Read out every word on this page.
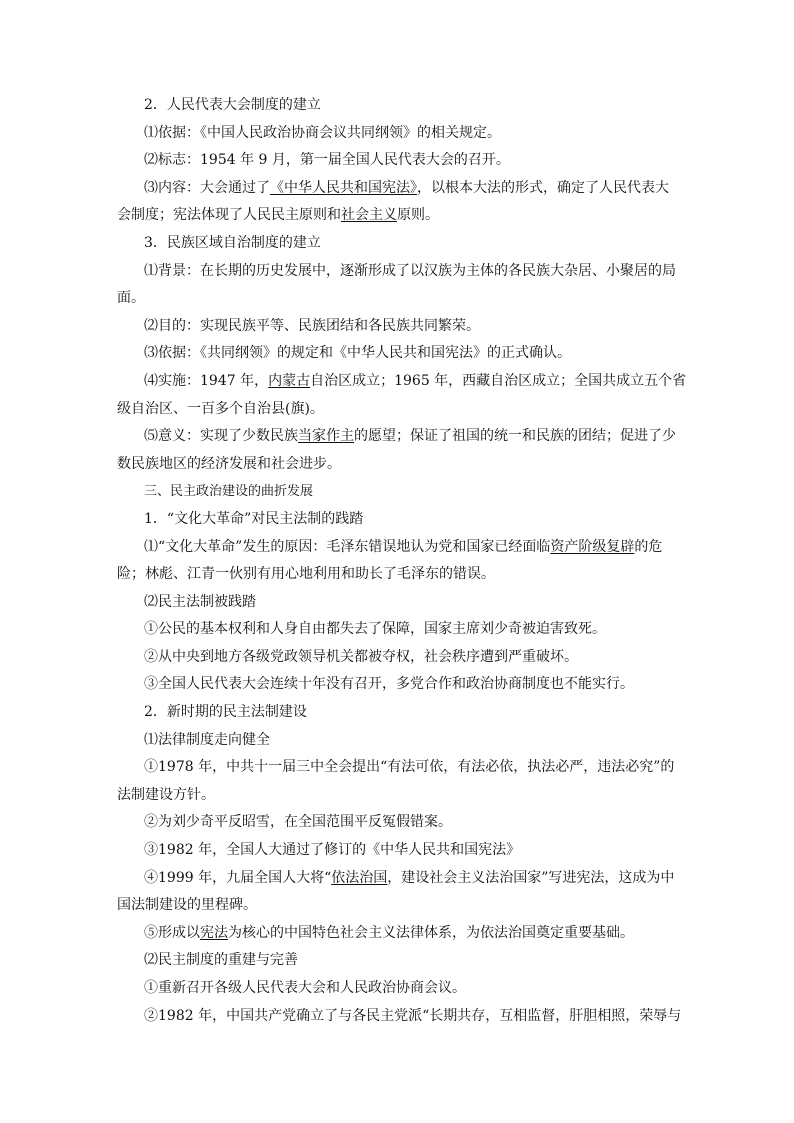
2．人民代表大会制度的建立
⑴依据：《中国人民政治协商会议共同纲领》的相关规定。
⑵标志：1954 年 9 月，第一届全国人民代表大会的召开。
⑶内容：大会通过了《中华人民共和国宪法》，以根本大法的形式，确定了人民代表大
会制度；宪法体现了人民民主原则和社会主义原则。
3．民族区域自治制度的建立
⑴背景：在长期的历史发展中，逐渐形成了以汉族为主体的各民族大杂居、小聚居的局
面。
⑵目的：实现民族平等、民族团结和各民族共同繁荣。
⑶依据：《共同纲领》的规定和《中华人民共和国宪法》的正式确认。
⑷实施：1947 年，内蒙古自治区成立；1965 年，西藏自治区成立；全国共成立五个省
级自治区、一百多个自治县(旗)。
⑸意义：实现了少数民族当家作主的愿望；保证了祖国的统一和民族的团结；促进了少
数民族地区的经济发展和社会进步。
三、民主政治建设的曲折发展
1．“文化大革命”对民主法制的践踏
⑴“文化大革命”发生的原因：毛泽东错误地认为党和国家已经面临资产阶级复辟的危
险；林彪、江青一伙别有用心地利用和助长了毛泽东的错误。
⑵民主法制被践踏
①公民的基本权利和人身自由都失去了保障，国家主席刘少奇被迫害致死。
②从中央到地方各级党政领导机关都被夺权，社会秩序遭到严重破坏。
③全国人民代表大会连续十年没有召开，多党合作和政治协商制度也不能实行。
2．新时期的民主法制建设
⑴法律制度走向健全
①1978 年，中共十一届三中全会提出“有法可依，有法必依，执法必严，违法必究”的
法制建设方针。
②为刘少奇平反昭雪，在全国范围平反冤假错案。
③1982 年，全国人大通过了修订的《中华人民共和国宪法》
④1999 年，九届全国人大将“依法治国，建设社会主义法治国家”写进宪法，这成为中
国法制建设的里程碑。
⑤形成以宪法为核心的中国特色社会主义法律体系，为依法治国奠定重要基础。
⑵民主制度的重建与完善
①重新召开各级人民代表大会和人民政治协商会议。
②1982 年，中国共产党确立了与各民主党派“长期共存，互相监督，肝胆相照，荣辱与
